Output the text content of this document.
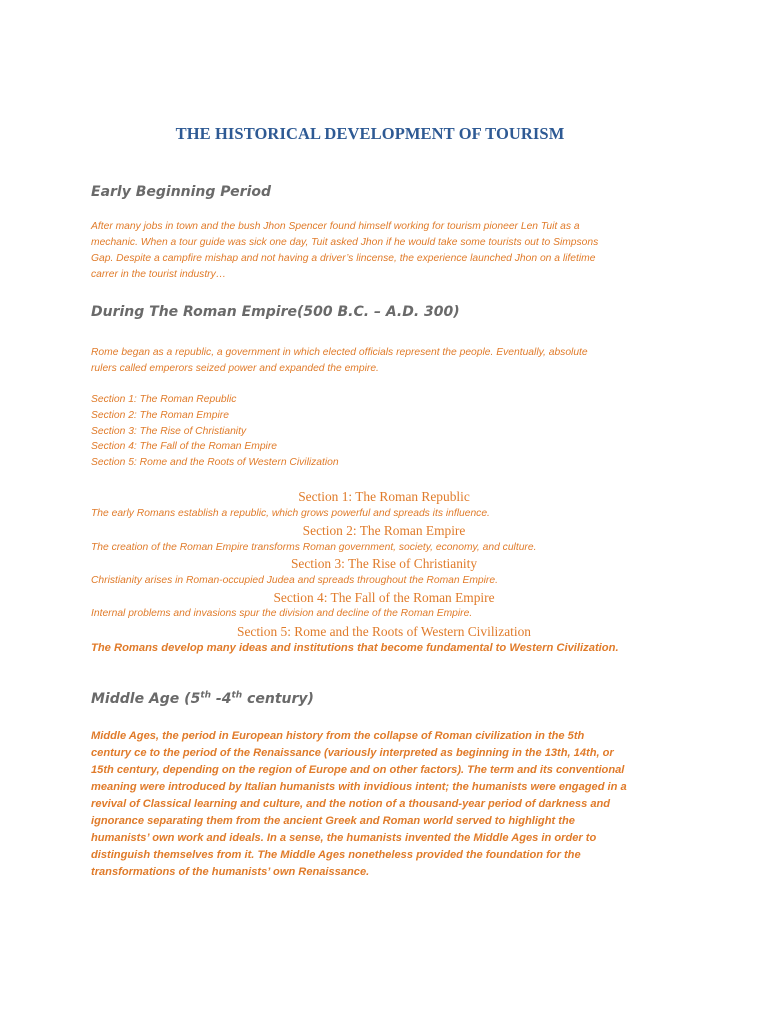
THE HISTORICAL DEVELOPMENT OF TOURISM
Early Beginning Period
After many jobs in town and the bush Jhon Spencer found himself working for tourism pioneer Len Tuit as a
mechanic. When a tour guide was sick one day, Tuit asked Jhon if he would take some tourists out to Simpsons
Gap. Despite a campfire mishap and not having a driver’s lincense, the experience launched Jhon on a lifetime
carrer in the tourist industry…
During The Roman Empire(500 B.C. – A.D. 300)
Rome began as a republic, a government in which elected officials represent the people. Eventually, absolute
rulers called emperors seized power and expanded the empire.
Section 1: The Roman Republic
Section 2: The Roman Empire
Section 3: The Rise of Christianity
Section 4: The Fall of the Roman Empire
Section 5: Rome and the Roots of Western Civilization
Section 1: The Roman Republic
The early Romans establish a republic, which grows powerful and spreads its influence.
Section 2: The Roman Empire
The creation of the Roman Empire transforms Roman government, society, economy, and culture.
Section 3: The Rise of Christianity
Christianity arises in Roman-occupied Judea and spreads throughout the Roman Empire.
Section 4: The Fall of the Roman Empire
Internal problems and invasions spur the division and decline of the Roman Empire.
Section 5: Rome and the Roots of Western Civilization
The Romans develop many ideas and institutions that become fundamental to Western Civilization.
Middle Age (5th -4th century)
Middle Ages, the period in European history from the collapse of Roman civilization in the 5th
century ce to the period of the Renaissance (variously interpreted as beginning in the 13th, 14th, or
15th century, depending on the region of Europe and on other factors). The term and its conventional
meaning were introduced by Italian humanists with invidious intent; the humanists were engaged in a
revival of Classical learning and culture, and the notion of a thousand-year period of darkness and
ignorance separating them from the ancient Greek and Roman world served to highlight the
humanists’ own work and ideals. In a sense, the humanists invented the Middle Ages in order to
distinguish themselves from it. The Middle Ages nonetheless provided the foundation for the
transformations of the humanists’ own Renaissance.
